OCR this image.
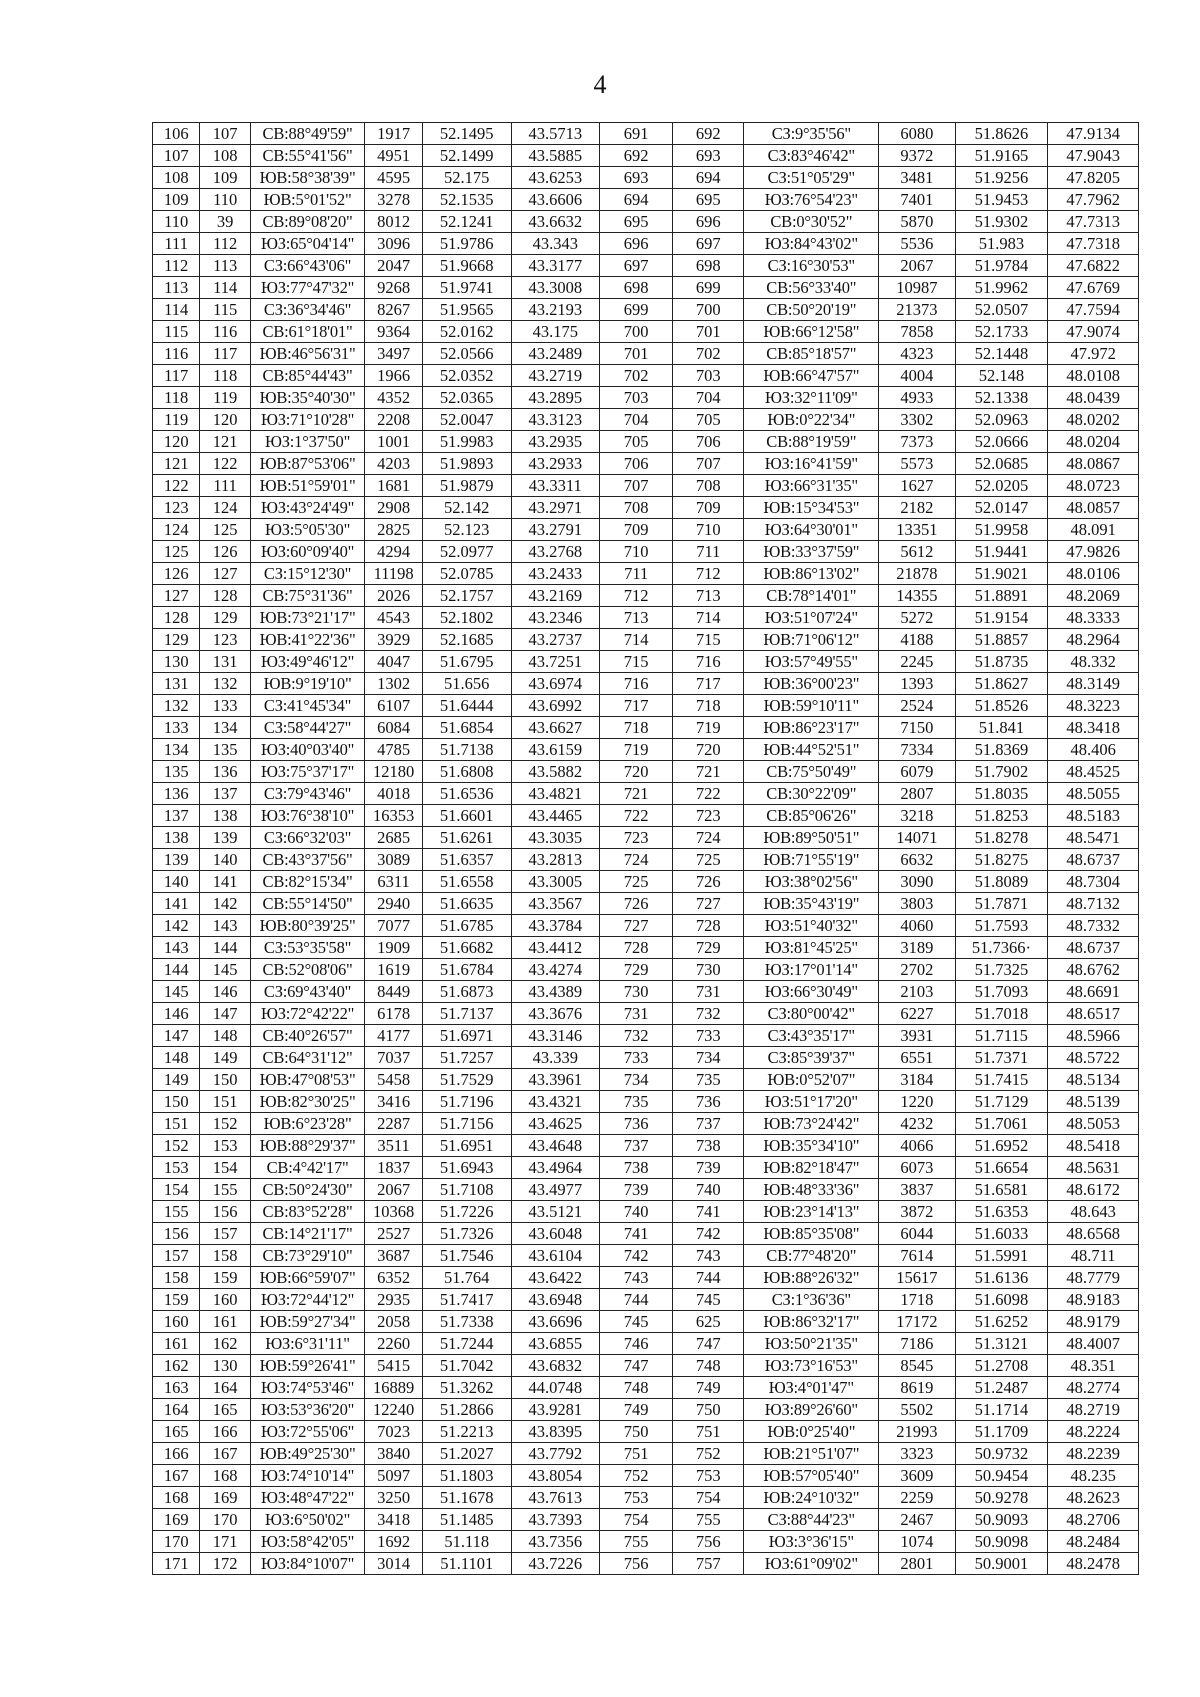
4
106	107	СВ:88°49'59"	1917	52.1495	43.5713	691	692	СЗ:9°35'56"	6080	51.8626	47.9134
107	108	СВ:55°41'56"	4951	52.1499	43.5885	692	693	СЗ:83°46'42"	9372	51.9165	47.9043
108	109	ЮВ:58°38'39"	4595	52.175	43.6253	693	694	СЗ:51°05'29"	3481	51.9256	47.8205
109	110	ЮВ:5°01'52"	3278	52.1535	43.6606	694	695	ЮЗ:76°54'23"	7401	51.9453	47.7962
110	39	СВ:89°08'20"	8012	52.1241	43.6632	695	696	СВ:0°30'52"	5870	51.9302	47.7313
111	112	ЮЗ:65°04'14"	3096	51.9786	43.343	696	697	ЮЗ:84°43'02"	5536	51.983	47.7318
112	113	СЗ:66°43'06"	2047	51.9668	43.3177	697	698	СЗ:16°30'53"	2067	51.9784	47.6822
113	114	ЮЗ:77°47'32"	9268	51.9741	43.3008	698	699	СВ:56°33'40"	10987	51.9962	47.6769
114	115	СЗ:36°34'46"	8267	51.9565	43.2193	699	700	СВ:50°20'19"	21373	52.0507	47.7594
115	116	СВ:61°18'01"	9364	52.0162	43.175	700	701	ЮВ:66°12'58"	7858	52.1733	47.9074
116	117	ЮВ:46°56'31"	3497	52.0566	43.2489	701	702	СВ:85°18'57"	4323	52.1448	47.972
117	118	СВ:85°44'43"	1966	52.0352	43.2719	702	703	ЮВ:66°47'57"	4004	52.148	48.0108
118	119	ЮВ:35°40'30"	4352	52.0365	43.2895	703	704	ЮЗ:32°11'09"	4933	52.1338	48.0439
119	120	ЮЗ:71°10'28"	2208	52.0047	43.3123	704	705	ЮВ:0°22'34"	3302	52.0963	48.0202
120	121	ЮЗ:1°37'50"	1001	51.9983	43.2935	705	706	СВ:88°19'59"	7373	52.0666	48.0204
121	122	ЮВ:87°53'06"	4203	51.9893	43.2933	706	707	ЮЗ:16°41'59"	5573	52.0685	48.0867
122	111	ЮВ:51°59'01"	1681	51.9879	43.3311	707	708	ЮЗ:66°31'35"	1627	52.0205	48.0723
123	124	ЮЗ:43°24'49"	2908	52.142	43.2971	708	709	ЮВ:15°34'53"	2182	52.0147	48.0857
124	125	ЮЗ:5°05'30"	2825	52.123	43.2791	709	710	ЮЗ:64°30'01"	13351	51.9958	48.091
125	126	ЮЗ:60°09'40"	4294	52.0977	43.2768	710	711	ЮВ:33°37'59"	5612	51.9441	47.9826
126	127	СЗ:15°12'30"	11198	52.0785	43.2433	711	712	ЮВ:86°13'02"	21878	51.9021	48.0106
127	128	СВ:75°31'36"	2026	52.1757	43.2169	712	713	СВ:78°14'01"	14355	51.8891	48.2069
128	129	ЮВ:73°21'17"	4543	52.1802	43.2346	713	714	ЮЗ:51°07'24"	5272	51.9154	48.3333
129	123	ЮВ:41°22'36"	3929	52.1685	43.2737	714	715	ЮВ:71°06'12"	4188	51.8857	48.2964
130	131	ЮЗ:49°46'12"	4047	51.6795	43.7251	715	716	ЮЗ:57°49'55"	2245	51.8735	48.332
131	132	ЮВ:9°19'10"	1302	51.656	43.6974	716	717	ЮВ:36°00'23"	1393	51.8627	48.3149
132	133	СЗ:41°45'34"	6107	51.6444	43.6992	717	718	ЮВ:59°10'11"	2524	51.8526	48.3223
133	134	СЗ:58°44'27"	6084	51.6854	43.6627	718	719	ЮВ:86°23'17"	7150	51.841	48.3418
134	135	ЮЗ:40°03'40"	4785	51.7138	43.6159	719	720	ЮВ:44°52'51"	7334	51.8369	48.406
135	136	ЮЗ:75°37'17"	12180	51.6808	43.5882	720	721	СВ:75°50'49"	6079	51.7902	48.4525
136	137	СЗ:79°43'46"	4018	51.6536	43.4821	721	722	СВ:30°22'09"	2807	51.8035	48.5055
137	138	ЮЗ:76°38'10"	16353	51.6601	43.4465	722	723	СВ:85°06'26"	3218	51.8253	48.5183
138	139	СЗ:66°32'03"	2685	51.6261	43.3035	723	724	ЮВ:89°50'51"	14071	51.8278	48.5471
139	140	СВ:43°37'56"	3089	51.6357	43.2813	724	725	ЮВ:71°55'19"	6632	51.8275	48.6737
140	141	СВ:82°15'34"	6311	51.6558	43.3005	725	726	ЮЗ:38°02'56"	3090	51.8089	48.7304
141	142	СВ:55°14'50"	2940	51.6635	43.3567	726	727	ЮВ:35°43'19"	3803	51.7871	48.7132
142	143	ЮВ:80°39'25"	7077	51.6785	43.3784	727	728	ЮЗ:51°40'32"	4060	51.7593	48.7332
143	144	СЗ:53°35'58"	1909	51.6682	43.4412	728	729	ЮЗ:81°45'25"	3189	51.7366·	48.6737
144	145	СВ:52°08'06"	1619	51.6784	43.4274	729	730	ЮЗ:17°01'14"	2702	51.7325	48.6762
145	146	СЗ:69°43'40"	8449	51.6873	43.4389	730	731	ЮЗ:66°30'49"	2103	51.7093	48.6691
146	147	ЮЗ:72°42'22"	6178	51.7137	43.3676	731	732	СЗ:80°00'42"	6227	51.7018	48.6517
147	148	СВ:40°26'57"	4177	51.6971	43.3146	732	733	СЗ:43°35'17"	3931	51.7115	48.5966
148	149	СВ:64°31'12"	7037	51.7257	43.339	733	734	СЗ:85°39'37"	6551	51.7371	48.5722
149	150	ЮВ:47°08'53"	5458	51.7529	43.3961	734	735	ЮВ:0°52'07"	3184	51.7415	48.5134
150	151	ЮВ:82°30'25"	3416	51.7196	43.4321	735	736	ЮЗ:51°17'20"	1220	51.7129	48.5139
151	152	ЮВ:6°23'28"	2287	51.7156	43.4625	736	737	ЮВ:73°24'42"	4232	51.7061	48.5053
152	153	ЮВ:88°29'37"	3511	51.6951	43.4648	737	738	ЮВ:35°34'10"	4066	51.6952	48.5418
153	154	СВ:4°42'17"	1837	51.6943	43.4964	738	739	ЮВ:82°18'47"	6073	51.6654	48.5631
154	155	СВ:50°24'30"	2067	51.7108	43.4977	739	740	ЮВ:48°33'36"	3837	51.6581	48.6172
155	156	СВ:83°52'28"	10368	51.7226	43.5121	740	741	ЮВ:23°14'13"	3872	51.6353	48.643
156	157	СВ:14°21'17"	2527	51.7326	43.6048	741	742	ЮВ:85°35'08"	6044	51.6033	48.6568
157	158	СВ:73°29'10"	3687	51.7546	43.6104	742	743	СВ:77°48'20"	7614	51.5991	48.711
158	159	ЮВ:66°59'07"	6352	51.764	43.6422	743	744	ЮВ:88°26'32"	15617	51.6136	48.7779
159	160	ЮЗ:72°44'12"	2935	51.7417	43.6948	744	745	СЗ:1°36'36"	1718	51.6098	48.9183
160	161	ЮВ:59°27'34"	2058	51.7338	43.6696	745	625	ЮВ:86°32'17"	17172	51.6252	48.9179
161	162	ЮЗ:6°31'11"	2260	51.7244	43.6855	746	747	ЮЗ:50°21'35"	7186	51.3121	48.4007
162	130	ЮВ:59°26'41"	5415	51.7042	43.6832	747	748	ЮЗ:73°16'53"	8545	51.2708	48.351
163	164	ЮЗ:74°53'46"	16889	51.3262	44.0748	748	749	ЮЗ:4°01'47"	8619	51.2487	48.2774
164	165	ЮЗ:53°36'20"	12240	51.2866	43.9281	749	750	ЮЗ:89°26'60"	5502	51.1714	48.2719
165	166	ЮЗ:72°55'06"	7023	51.2213	43.8395	750	751	ЮВ:0°25'40"	21993	51.1709	48.2224
166	167	ЮВ:49°25'30"	3840	51.2027	43.7792	751	752	ЮВ:21°51'07"	3323	50.9732	48.2239
167	168	ЮЗ:74°10'14"	5097	51.1803	43.8054	752	753	ЮВ:57°05'40"	3609	50.9454	48.235
168	169	ЮЗ:48°47'22"	3250	51.1678	43.7613	753	754	ЮВ:24°10'32"	2259	50.9278	48.2623
169	170	ЮЗ:6°50'02"	3418	51.1485	43.7393	754	755	СЗ:88°44'23"	2467	50.9093	48.2706
170	171	ЮЗ:58°42'05"	1692	51.118	43.7356	755	756	ЮЗ:3°36'15"	1074	50.9098	48.2484
171	172	ЮЗ:84°10'07"	3014	51.1101	43.7226	756	757	ЮЗ:61°09'02"	2801	50.9001	48.2478
